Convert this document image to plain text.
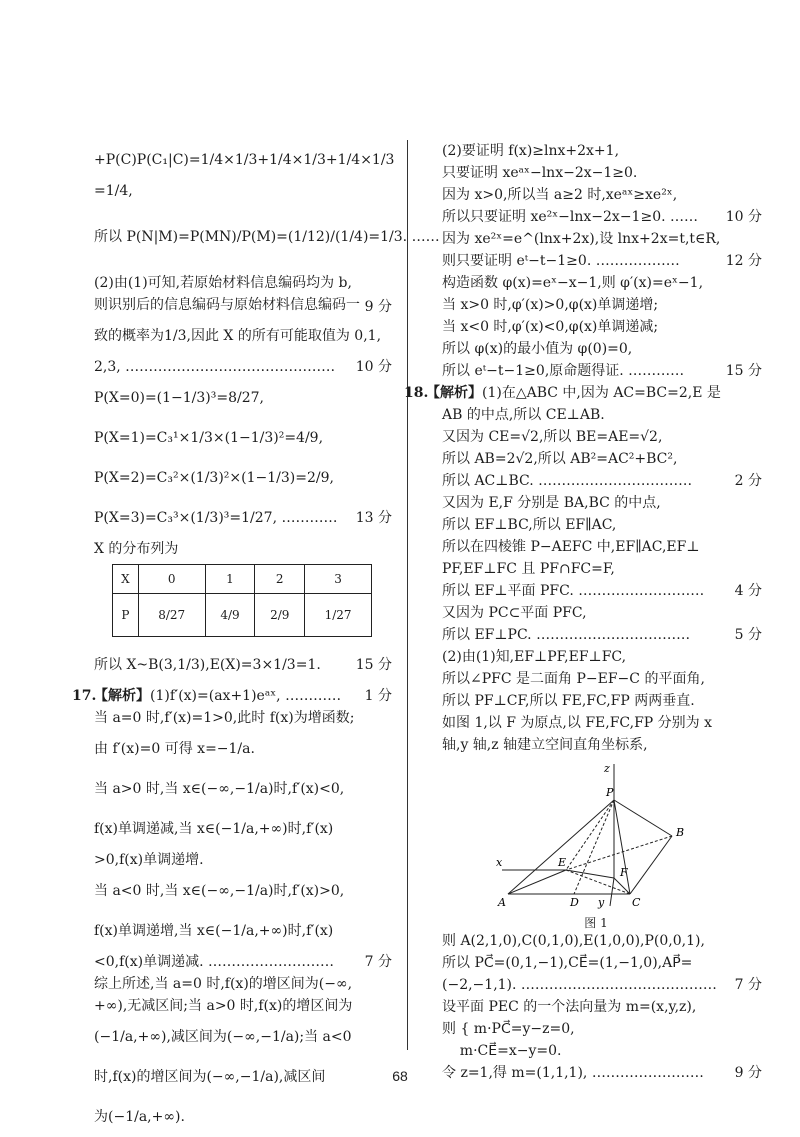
+P(C)P(C₁|C)=1/4×1/3+1/4×1/3+1/4×1/3
=1/4,
所以 P(N|M)=P(MN)/P(M)=(1/12)/(1/4)=1/3. ……
9 分
(2)由(1)可知,若原始材料信息编码均为 b,
则识别后的信息编码与原始材料信息编码一
致的概率为1/3,因此 X 的所有可能取值为 0,1,
2,3, ……………………………………… 10 分
P(X=0)=(1−1/3)³=8/27,
P(X=1)=C₃¹×1/3×(1−1/3)²=4/9,
P(X=2)=C₃²×(1/3)²×(1−1/3)=2/9,
P(X=3)=C₃³×(1/3)³=1/27, ………… 13 分
X 的分布列为
X	0	1	2	3
P	8/27	4/9	2/9	1/27
所以 X~B(3,1/3),E(X)=3×1/3=1. 15 分
17.【解析】(1)f′(x)=(ax+1)eᵃˣ, ………… 1 分
当 a=0 时,f′(x)=1>0,此时 f(x)为增函数;
由 f′(x)=0 可得 x=−1/a.
当 a>0 时,当 x∈(−∞,−1/a)时,f′(x)<0,
f(x)单调递减,当 x∈(−1/a,+∞)时,f′(x)
>0,f(x)单调递增.
当 a<0 时,当 x∈(−∞,−1/a)时,f′(x)>0,
f(x)单调递增,当 x∈(−1/a,+∞)时,f′(x)
<0,f(x)单调递减. ……………………… 7 分
综上所述,当 a=0 时,f(x)的增区间为(−∞,
+∞),无减区间;当 a>0 时,f(x)的增区间为
(−1/a,+∞),减区间为(−∞,−1/a);当 a<0
时,f(x)的增区间为(−∞,−1/a),减区间
为(−1/a,+∞).
(2)要证明 f(x)≥lnx+2x+1,
只要证明 xeᵃˣ−lnx−2x−1≥0.
因为 x>0,所以当 a≥2 时,xeᵃˣ≥xe²ˣ,
所以只要证明 xe²ˣ−lnx−2x−1≥0. …… 10 分
因为 xe²ˣ=e^(lnx+2x),设 lnx+2x=t,t∈R,
则只要证明 eᵗ−t−1≥0. ………………	12 分
构造函数 φ(x)=eˣ−x−1,则 φ′(x)=eˣ−1,
当 x>0 时,φ′(x)>0,φ(x)单调递增;
当 x<0 时,φ′(x)<0,φ(x)单调递减;
所以 φ(x)的最小值为 φ(0)=0,
所以 eᵗ−t−1≥0,原命题得证. …………	15 分
18.【解析】(1)在△ABC 中,因为 AC=BC=2,E 是
AB 的中点,所以 CE⊥AB.
又因为 CE=√2,所以 BE=AE=√2,
所以 AB=2√2,所以 AB²=AC²+BC²,
所以 AC⊥BC. ……………………………	2 分
又因为 E,F 分别是 BA,BC 的中点,
所以 EF⊥BC,所以 EF∥AC,
所以在四棱锥 P−AEFC 中,EF∥AC,EF⊥
PF,EF⊥FC 且 PF∩FC=F,
所以 EF⊥平面 PFC. ……………………… 4 分
又因为 PC⊂平面 PFC,
所以 EF⊥PC. ……………………………	5 分
(2)由(1)知,EF⊥PF,EF⊥FC,
所以∠PFC 是二面角 P−EF−C 的平面角,
所以 PF⊥CF,所以 FE,FC,FP 两两垂直.
如图 1,以 F 为原点,以 FE,FC,FP 分别为 x
轴,y 轴,z 轴建立空间直角坐标系,
z
P
B
x	E
F
A	D y	C
图 1
则 A(2,1,0),C(0,1,0),E(1,0,0),P(0,0,1),
所以 PC⃗=(0,1,−1),CE⃗=(1,−1,0),AP⃗=
(−2,−1,1). …………………………………… 7 分
设平面 PEC 的一个法向量为 m=(x,y,z),
则 { m·PC⃗=y−z=0,
m·CE⃗=x−y=0.
令 z=1,得 m=(1,1,1), …………………… 9 分
68
